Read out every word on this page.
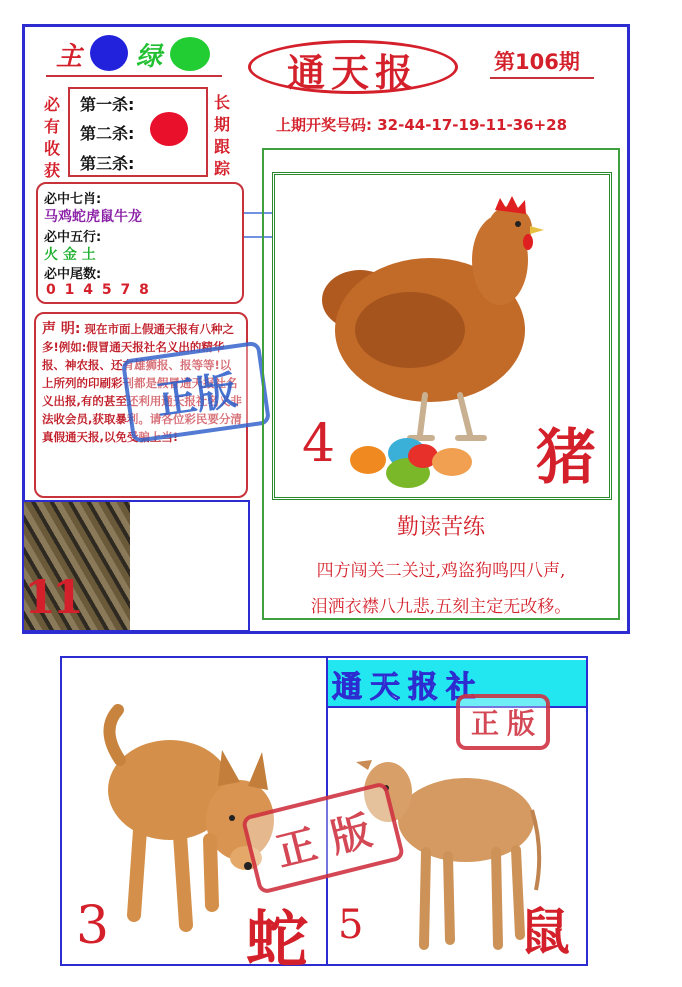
主 绿	通天报	第106期
上期开奖号码: 32-44-17-19-11-36+28
必
有
收
获
第一杀:
第二杀:
第三杀:
长
期
跟
踪
必中七肖:
马鸡蛇虎鼠牛龙
必中五行:
火 金 土
必中尾数:
0 1 4 5 7 8
声 明: 现在市面上假通天报有八种之多!例如:假冒通天报社名义出的精华报、神农报、还有雄狮报、报等等!以上所列的印刷彩刊都是假冒通天报社名义出报,有的甚至还利用通天报社名义非法收会员,获取暴利。请各位彩民要分清真假通天报,以免受骗上当!
正
版
11
4	猪
勤读苦练
四方闯关二关过,鸡盗狗鸣四八声,
泪洒衣襟八九悲,五刻主定无改移。
3 蛇
通天报社
5	鼠
正 版
正 版
